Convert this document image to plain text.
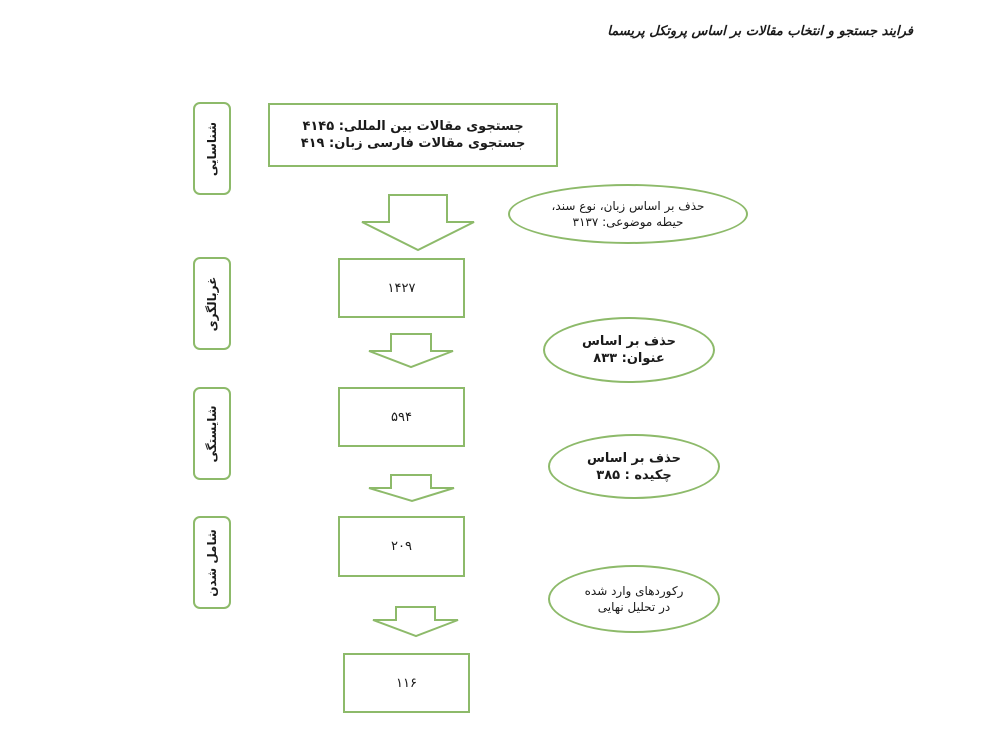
فرایند جستجو و انتخاب مقالات بر اساس پروتکل پریسما
شناسایی
غربالگری
شایستگی
شامل شدن
جستجوی مقالات بین المللی: ۴۱۴۵
جستجوی مقالات فارسی زبان: ۴۱۹
۱۴۲۷
۵۹۴
۲۰۹
۱۱۶
حذف بر اساس زبان، نوع سند،
حیطه موضوعی: ۳۱۳۷
حذف بر اساس
عنوان: ۸۳۳
حذف بر اساس
چکیده : ۳۸۵
رکوردهای وارد شده
در تحلیل نهایی
